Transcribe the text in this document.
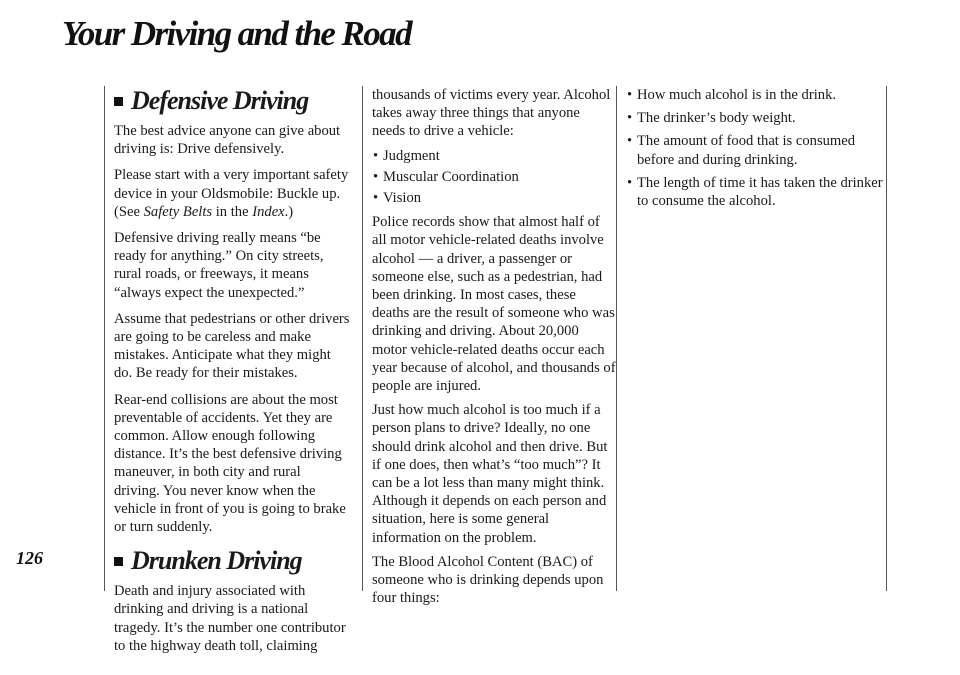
Your Driving and the Road
126
Defensive Driving

The best advice anyone can give about driving is: Drive defensively.

Please start with a very important safety device in your Oldsmobile: Buckle up. (See Safety Belts in the Index.)

Defensive driving really means “be ready for anything.” On city streets, rural roads, or freeways, it means “always expect the unexpected.”

Assume that pedestrians or other drivers are going to be careless and make mistakes. Anticipate what they might do. Be ready for their mistakes.

Rear-end collisions are about the most preventable of accidents. Yet they are common. Allow enough following distance. It’s the best defensive driving maneuver, in both city and rural driving. You never know when the vehicle in front of you is going to brake or turn suddenly.

Drunken Driving

Death and injury associated with drinking and driving is a national tragedy. It’s the number one contributor to the highway death toll, claiming

thousands of victims every year. Alcohol takes away three things that anyone needs to drive a vehicle:

• Judgment
• Muscular Coordination
• Vision

Police records show that almost half of all motor vehicle-related deaths involve alcohol — a driver, a passenger or someone else, such as a pedestrian, had been drinking. In most cases, these deaths are the result of someone who was drinking and driving. About 20,000 motor vehicle-related deaths occur each year because of alcohol, and thousands of people are injured.

Just how much alcohol is too much if a person plans to drive? Ideally, no one should drink alcohol and then drive. But if one does, then what’s “too much”? It can be a lot less than many might think. Although it depends on each person and situation, here is some general information on the problem.

The Blood Alcohol Content (BAC) of someone who is drinking depends upon four things:

• How much alcohol is in the drink.
• The drinker’s body weight.
• The amount of food that is consumed before and during drinking.
• The length of time it has taken the drinker to consume the alcohol.
